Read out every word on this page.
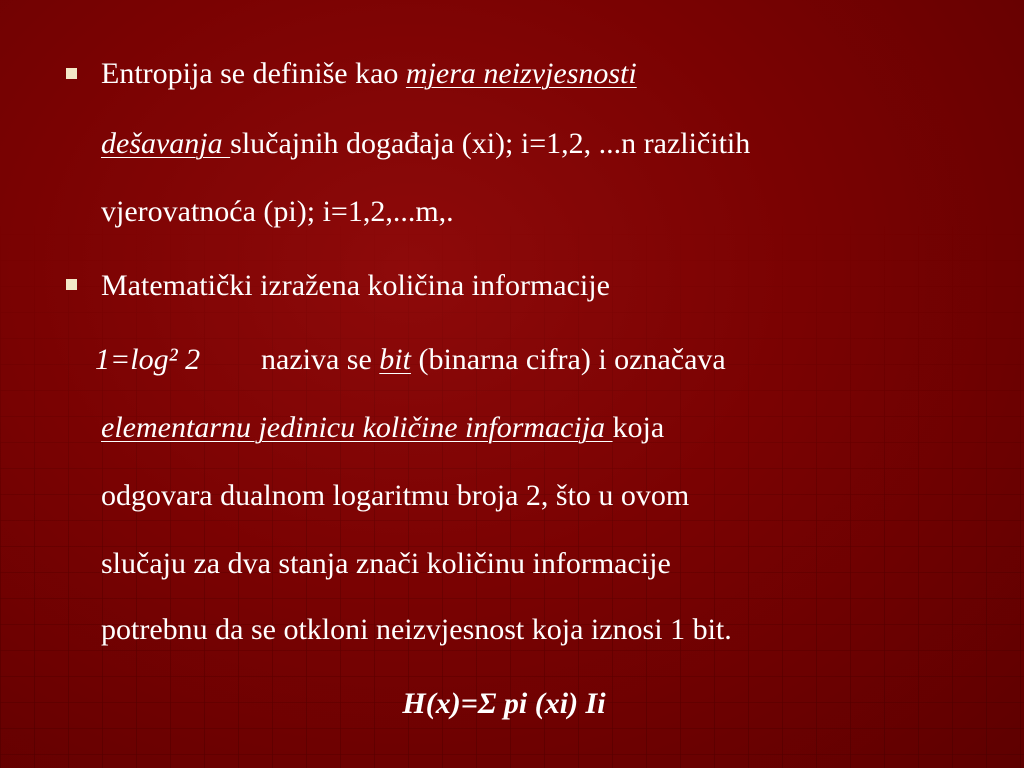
Entropija se definiše kao mjera neizvjesnosti
dešavanja slučajnih događaja (xi); i=1,2, ...n različitih
vjerovatnoća (pi); i=1,2,...m,.
Matematički izražena količina informacije
1=log² 2 naziva se bit (binarna cifra) i označava
elementarnu jedinicu količine informacija koja
odgovara dualnom logaritmu broja 2, što u ovom
slučaju za dva stanja znači količinu informacije
potrebnu da se otkloni neizvjesnost koja iznosi 1 bit.
H(x)=Σ pi (xi) Ii
